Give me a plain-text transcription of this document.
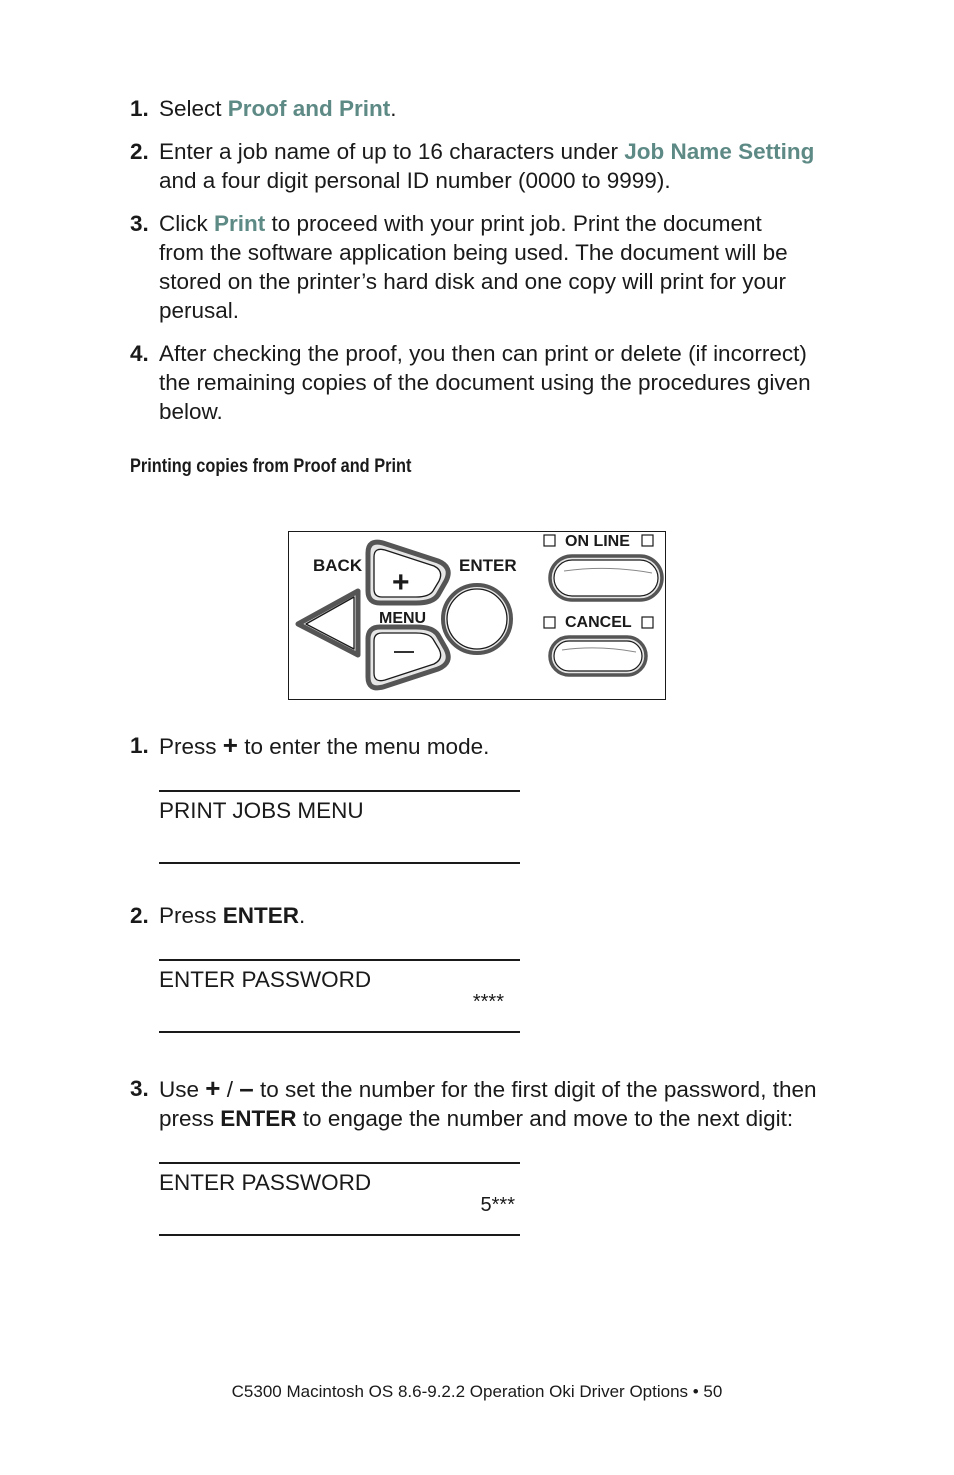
1. Select Proof and Print.
2. Enter a job name of up to 16 characters under Job Name Setting
and a four digit personal ID number (0000 to 9999).
3. Click Print to proceed with your print job. Print the document
from the software application being used. The document will be
stored on the printer’s hard disk and one copy will print for your
perusal.
4. After checking the proof, you then can print or delete (if incorrect)
the remaining copies of the document using the procedures given
below.
Printing copies from Proof and Print
BACK
+
MENU
ENTER
ON LINE
CANCEL
1. Press + to enter the menu mode.
PRINT JOBS MENU
2. Press ENTER.
ENTER PASSWORD
****
3. Use + / – to set the number for the first digit of the password, then
press ENTER to engage the number and move to the next digit:
ENTER PASSWORD
5***
C5300 Macintosh OS 8.6-9.2.2 Operation Oki Driver Options • 50
